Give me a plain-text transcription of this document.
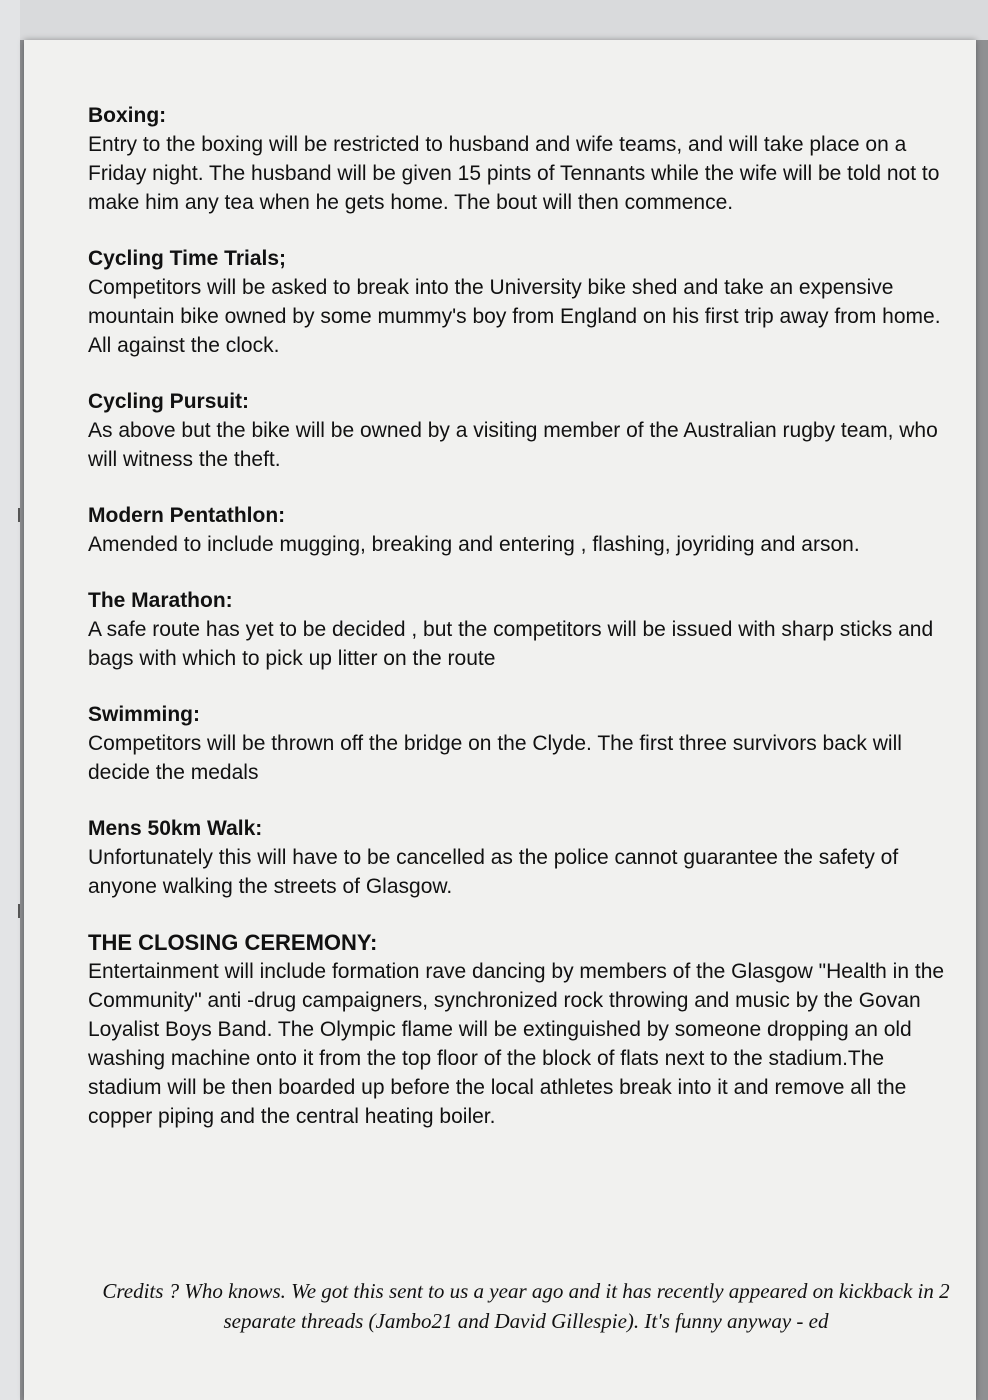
Boxing:

Entry to the boxing will be restricted to husband and wife teams, and will take place on a Friday night. The husband will be given 15 pints of Tennants while the wife will be told not to make him any tea when he gets home. The bout will then commence.

Cycling Time Trials;

Competitors will be asked to break into the University bike shed and take an expensive mountain bike owned by some mummy's boy from England on his first trip away from home. All against the clock.

Cycling Pursuit:

As above but the bike will be owned by a visiting member of the Australian rugby team, who will witness the theft.

Modern Pentathlon:

Amended to include mugging, breaking and entering , flashing, joyriding and arson.

The Marathon:

A safe route has yet to be decided , but the competitors will be issued with sharp sticks and bags with which to pick up litter on the route

Swimming:

Competitors will be thrown off the bridge on the Clyde. The first three survivors back will decide the medals

Mens 50km Walk:

Unfortunately this will have to be cancelled as the police cannot guarantee the safety of anyone walking the streets of Glasgow.

THE CLOSING CEREMONY:

Entertainment will include formation rave dancing by members of the Glasgow "Health in the Community" anti -drug campaigners, synchronized rock throwing and music by the Govan Loyalist Boys Band. The Olympic flame will be extinguished by someone dropping an old washing machine onto it from the top floor of the block of flats next to the stadium.The stadium will be then boarded up before the local athletes break into it and remove all the copper piping and the central heating boiler.

Credits ? Who knows. We got this sent to us a year ago and it has recently appeared on kickback in 2 separate threads (Jambo21 and David Gillespie). It's funny anyway - ed
